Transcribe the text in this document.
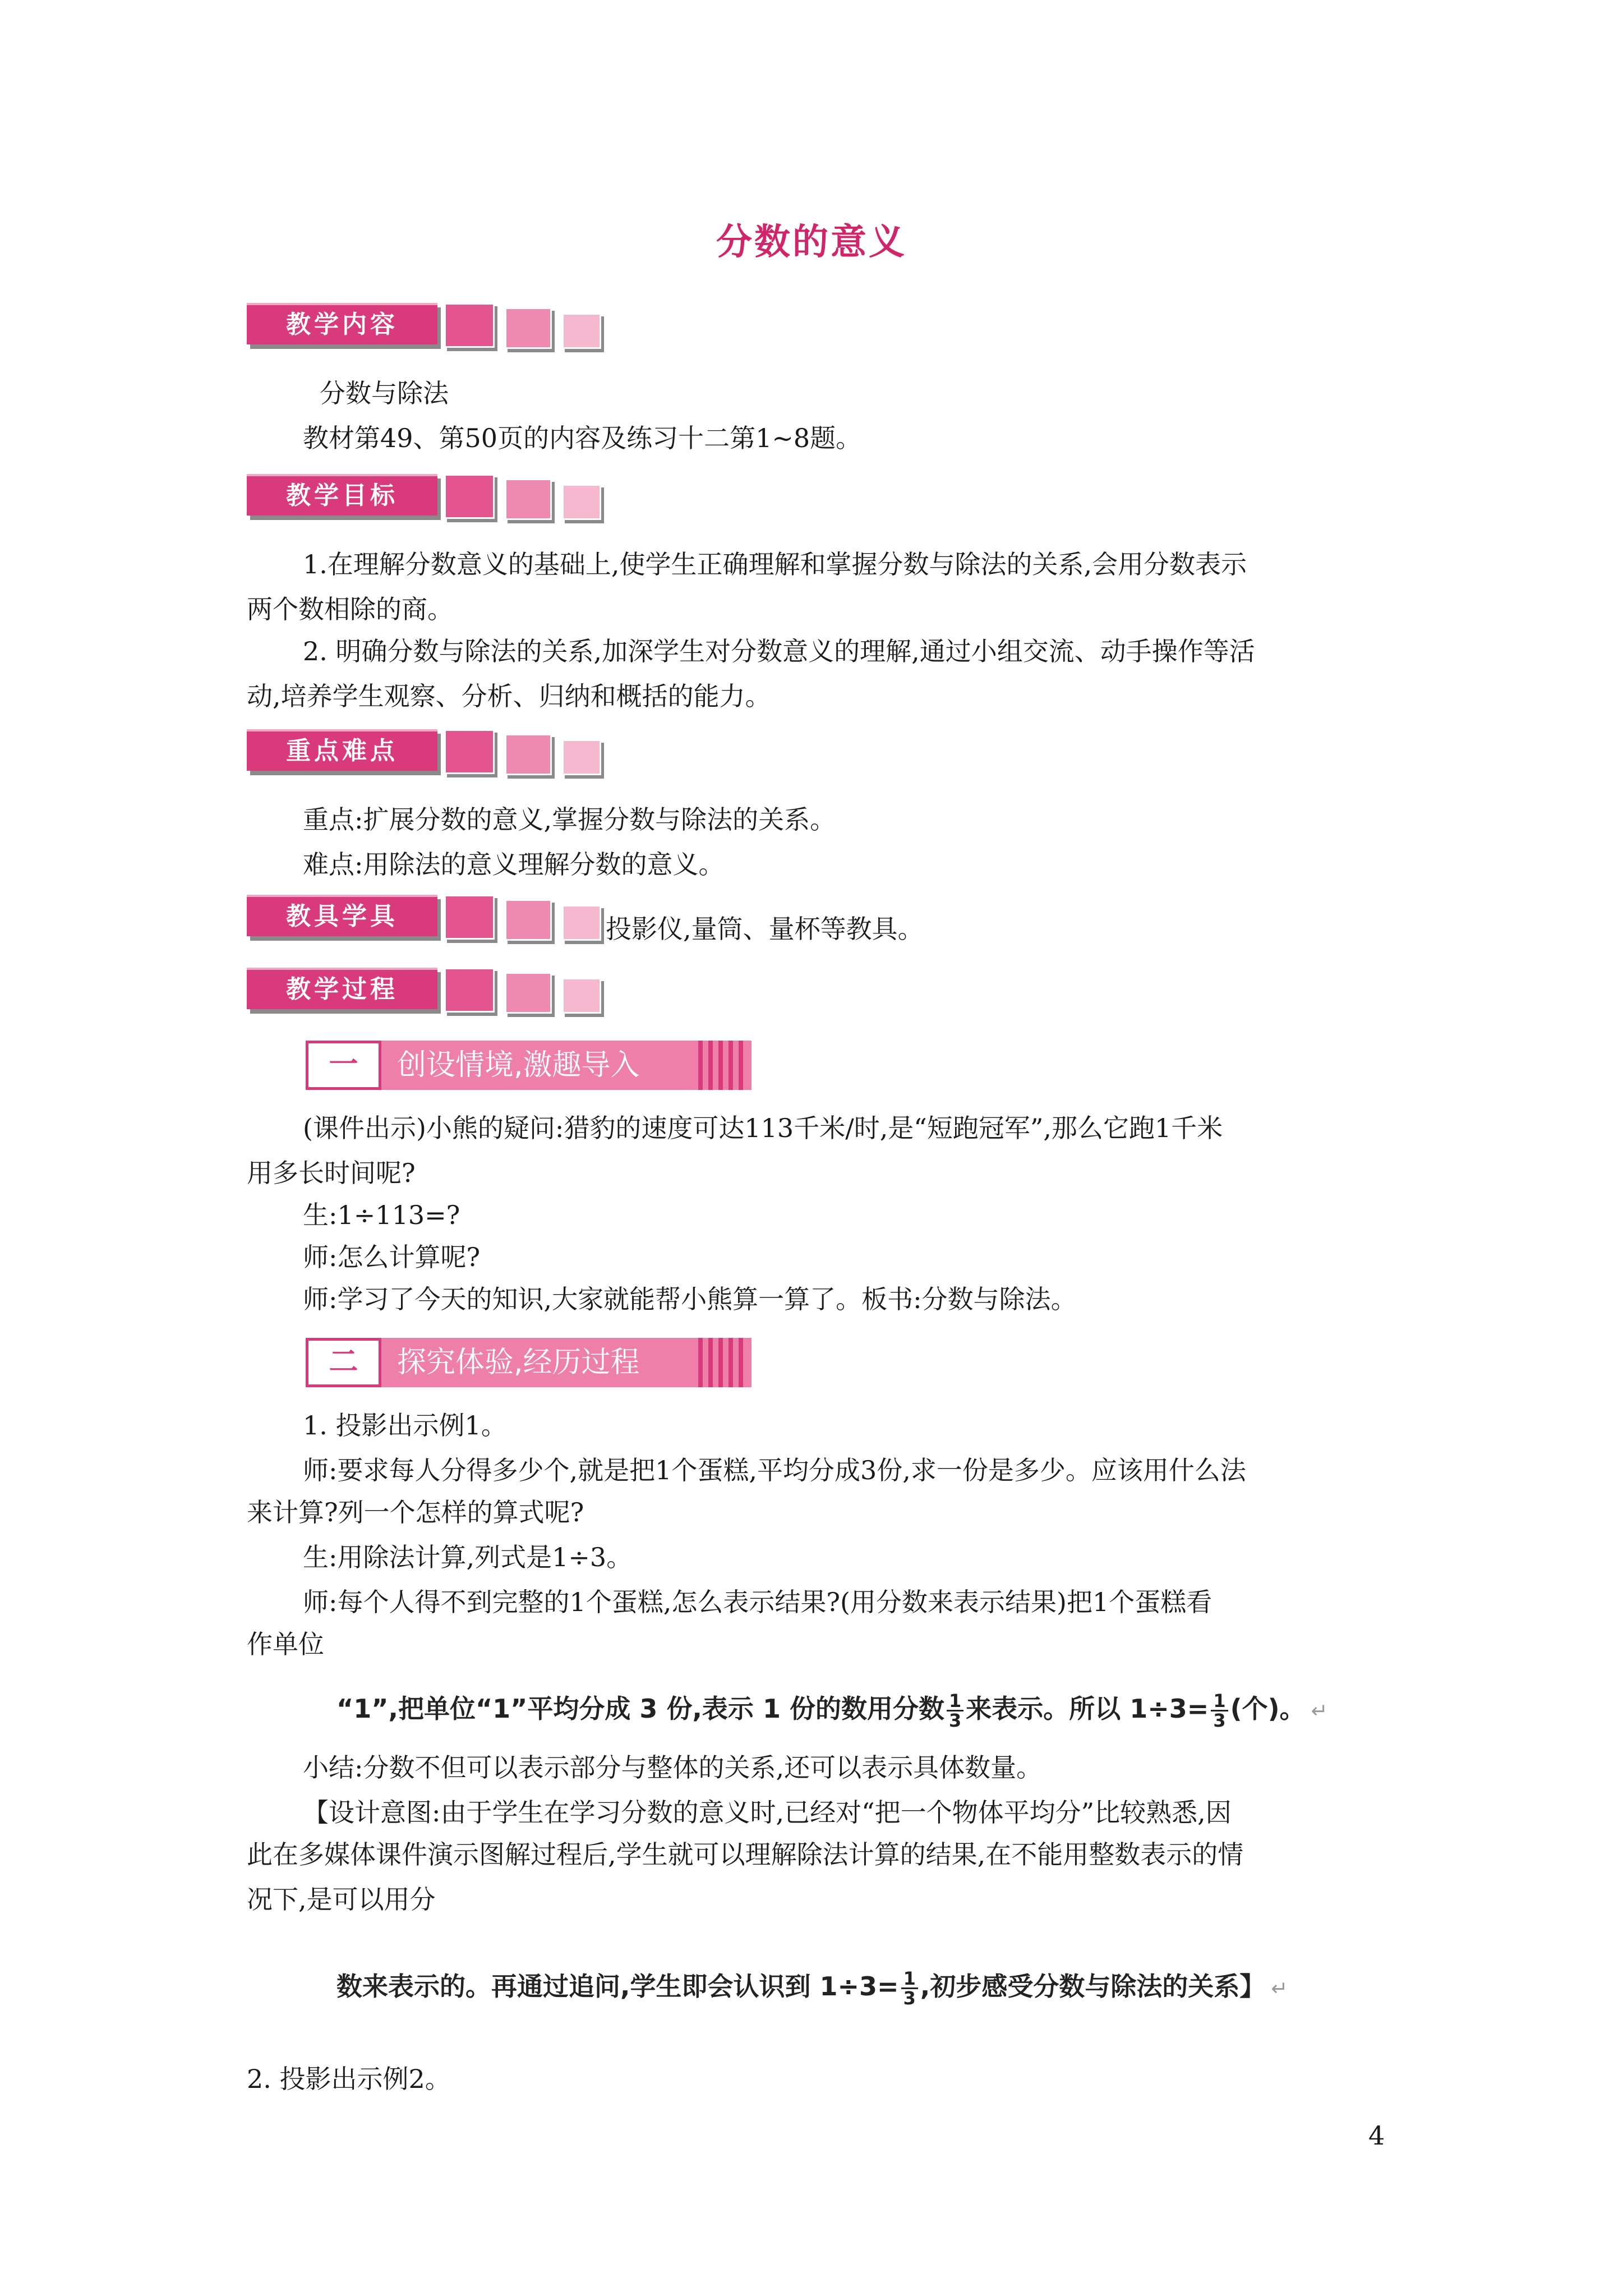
分数的意义
教学内容
分数与除法
教材第49、第50页的内容及练习十二第1~8题。
教学目标
1.在理解分数意义的基础上,使学生正确理解和掌握分数与除法的关系,会用分数表示
两个数相除的商。
2. 明确分数与除法的关系,加深学生对分数意义的理解,通过小组交流、动手操作等活
动,培养学生观察、分析、归纳和概括的能力。
重点难点
重点:扩展分数的意义,掌握分数与除法的关系。
难点:用除法的意义理解分数的意义。
教具学具	投影仪,量筒、量杯等教具。
教学过程
一	创设情境,激趣导入
(课件出示)小熊的疑问:猎豹的速度可达113千米/时,是“短跑冠军”,那么它跑1千米
用多长时间呢?
生:1÷113=?
师:怎么计算呢?
师:学习了今天的知识,大家就能帮小熊算一算了。板书:分数与除法。
二	探究体验,经历过程
1. 投影出示例1。
师:要求每人分得多少个,就是把1个蛋糕,平均分成3份,求一份是多少。应该用什么法
来计算?列一个怎样的算式呢?
生:用除法计算,列式是1÷3。
师:每个人得不到完整的1个蛋糕,怎么表示结果?(用分数来表示结果)把1个蛋糕看
作单位
“1”,把单位“1”平均分成 3 份,表示 1 份的数用分数 $\frac{1}{3}$ 来表示。所以 $1\div 3= \frac{1}{3}$ (个)。 ↵
小结:分数不但可以表示部分与整体的关系,还可以表示具体数量。
【设计意图:由于学生在学习分数的意义时,已经对“把一个物体平均分”比较熟悉,因
此在多媒体课件演示图解过程后,学生就可以理解除法计算的结果,在不能用整数表示的情
况下,是可以用分
数来表示的。再通过追问,学生即会认识到 $1\div 3= \frac{1}{3}$ ,初步感受分数与除法的关系】 ↵
2. 投影出示例2。
4
